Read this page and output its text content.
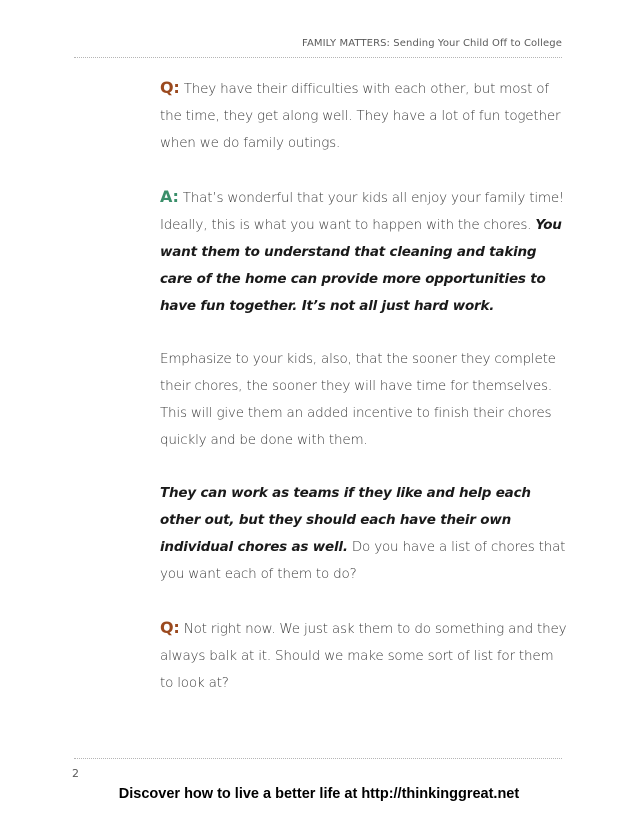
FAMILY MATTERS: Sending Your Child Off to College

Q: They have their difficulties with each other, but most of the time, they get along well. They have a lot of fun together when we do family outings.

A: That’s wonderful that your kids all enjoy your family time! Ideally, this is what you want to happen with the chores. You want them to understand that cleaning and taking care of the home can provide more opportunities to have fun together. It’s not all just hard work.

Emphasize to your kids, also, that the sooner they complete their chores, the sooner they will have time for themselves. This will give them an added incentive to finish their chores quickly and be done with them.

They can work as teams if they like and help each other out, but they should each have their own individual chores as well. Do you have a list of chores that you want each of them to do?

Q: Not right now. We just ask them to do something and they always balk at it. Should we make some sort of list for them to look at?

2
Discover how to live a better life at http://thinkinggreat.net
